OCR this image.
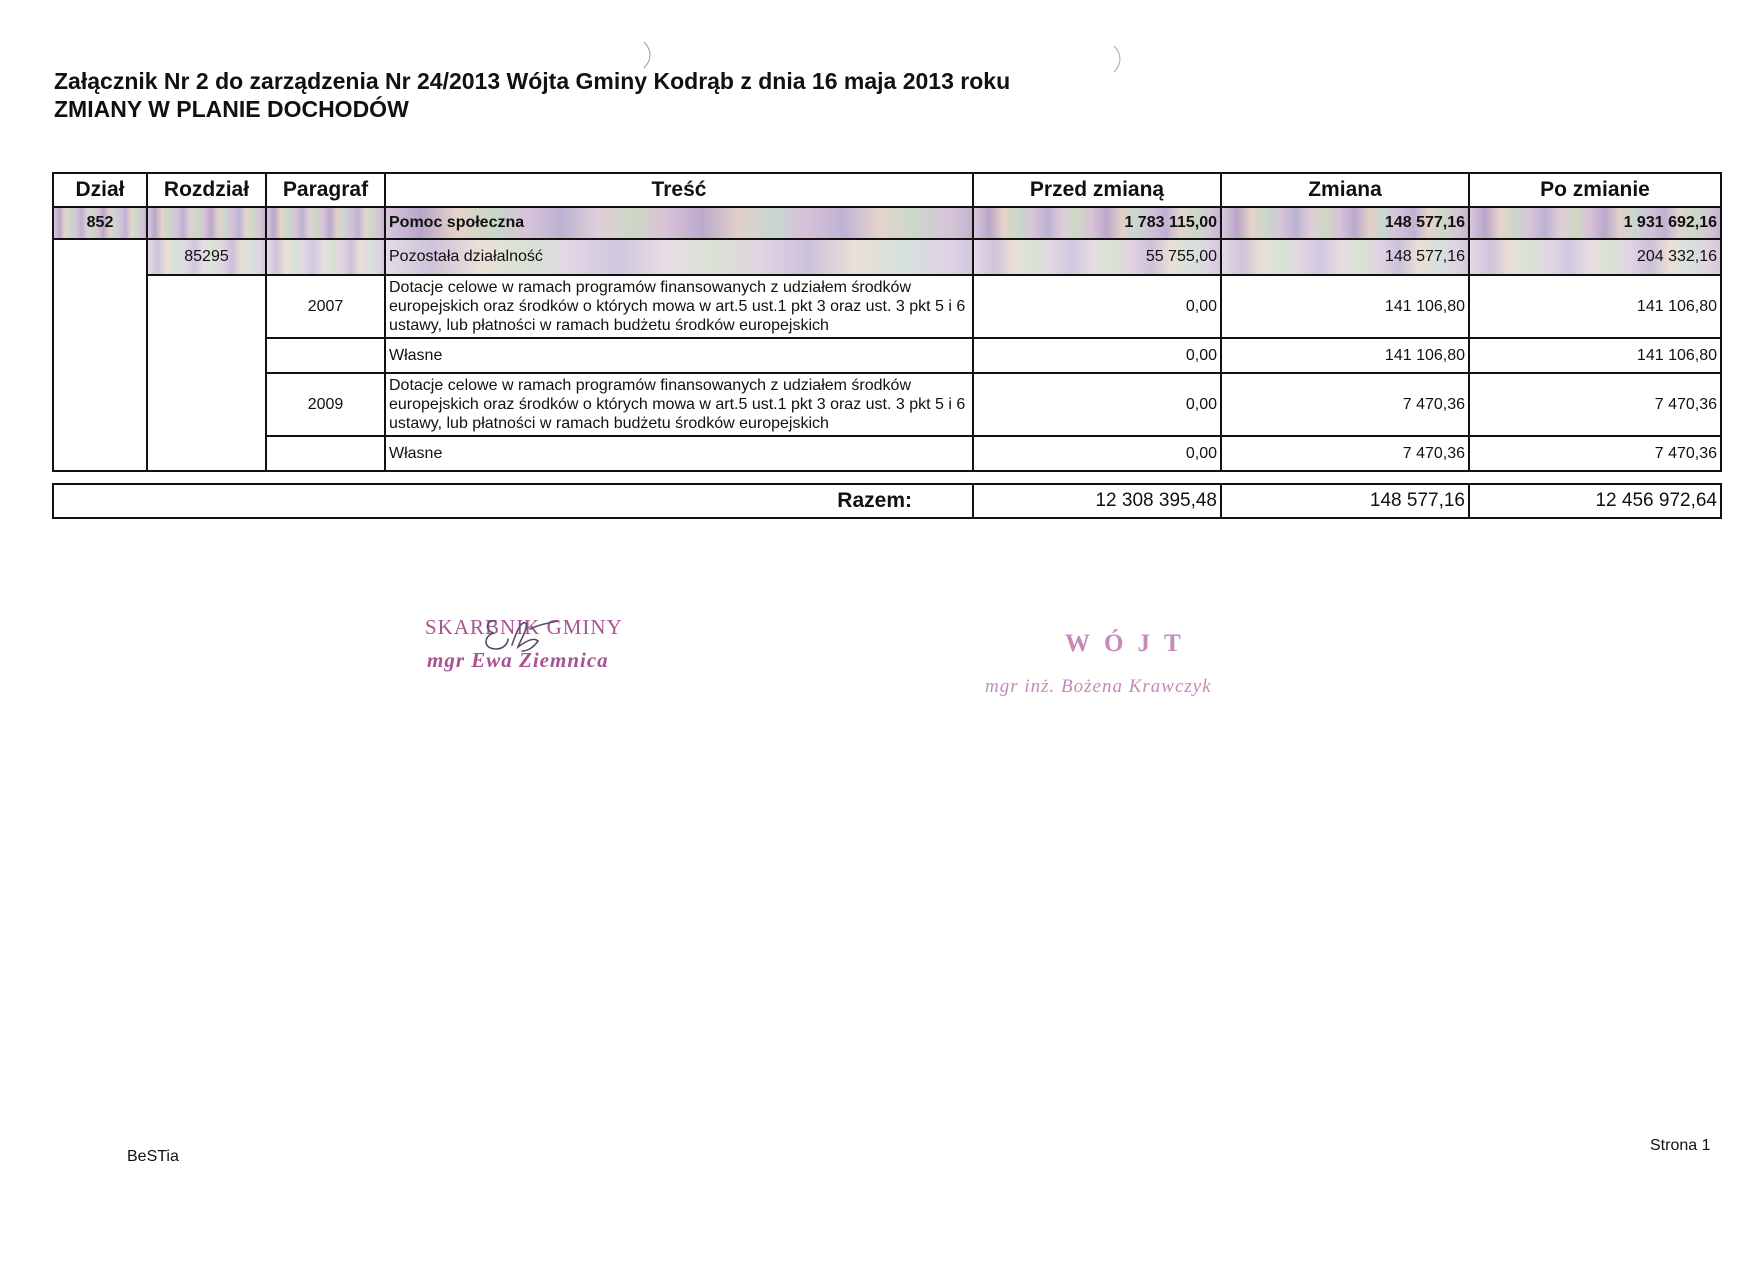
Załącznik Nr 2 do zarządzenia Nr 24/2013 Wójta Gminy Kodrąb z dnia 16 maja 2013 roku
ZMIANY W PLANIE DOCHODÓW
Dział	Rozdział	Paragraf	Treść	Przed zmianą	Zmiana	Po zmianie
852			Pomoc społeczna	1 783 115,00	148 577,16	1 931 692,16
	85295		Pozostała działalność	55 755,00	148 577,16	204 332,16
		2007	Dotacje celowe w ramach programów finansowanych z udziałem środków europejskich oraz środków o których mowa w art.5 ust.1 pkt 3 oraz ust. 3 pkt 5 i 6 ustawy, lub płatności w ramach budżetu środków europejskich	0,00	141 106,80	141 106,80
			Własne	0,00	141 106,80	141 106,80
		2009	Dotacje celowe w ramach programów finansowanych z udziałem środków europejskich oraz środków o których mowa w art.5 ust.1 pkt 3 oraz ust. 3 pkt 5 i 6 ustawy, lub płatności w ramach budżetu środków europejskich	0,00	7 470,36	7 470,36
			Własne	0,00	7 470,36	7 470,36
Razem:	12 308 395,48	148 577,16	12 456 972,64
SKARBNIK GMINY
mgr Ewa Ziemnica
WÓJT
mgr inż. Bożena Krawczyk
BeSTia
Strona 1
